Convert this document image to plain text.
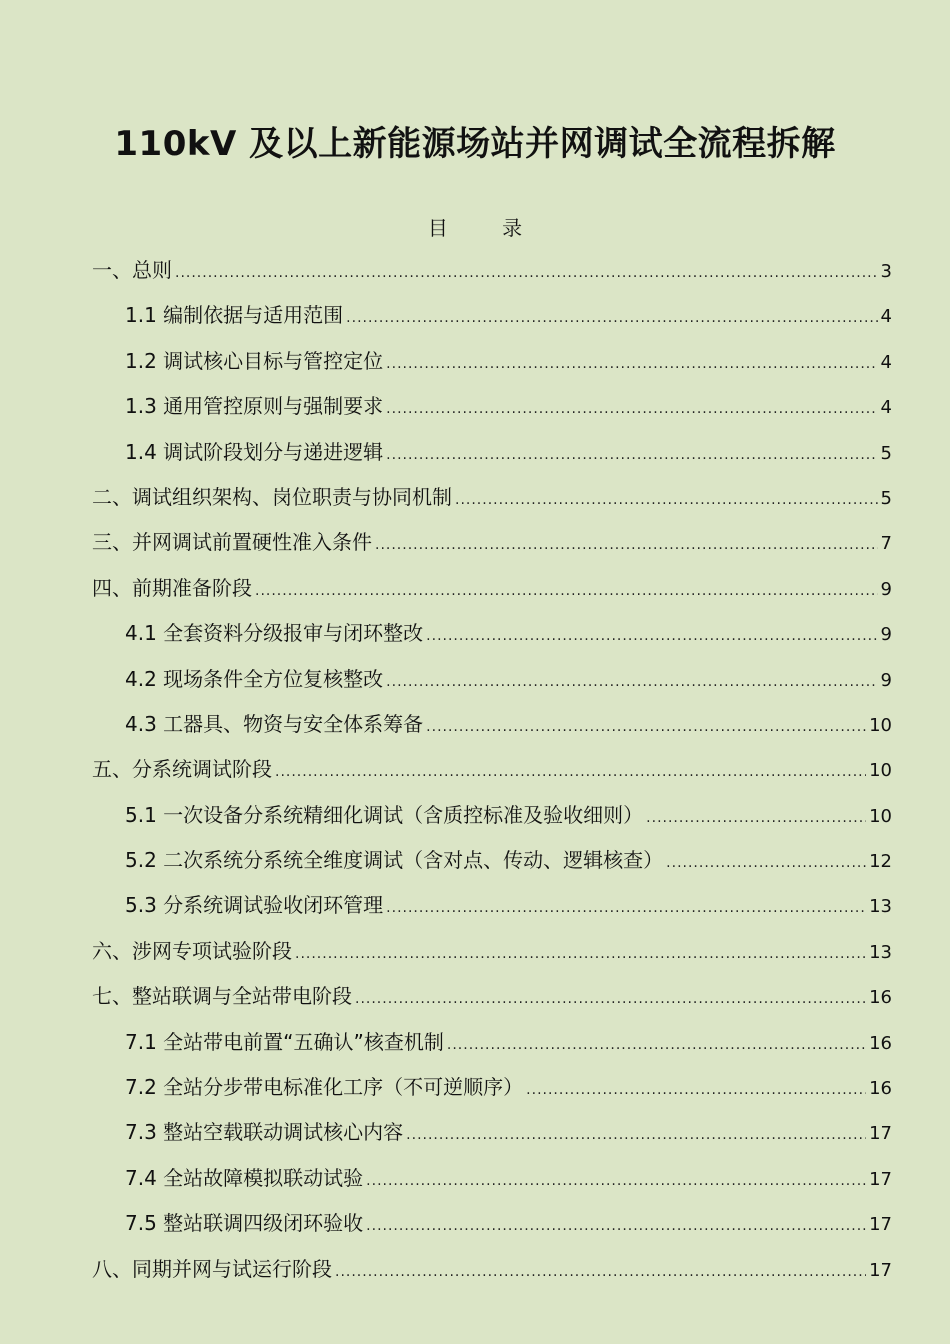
110kV 及以上新能源场站并网调试全流程拆解
目 录
一、总则 .....	3
1.1 编制依据与适用范围 .....	4
1.2 调试核心目标与管控定位 .....	4
1.3 通用管控原则与强制要求 .....	4
1.4 调试阶段划分与递进逻辑 .....	5
二、调试组织架构、岗位职责与协同机制 .....	5
三、并网调试前置硬性准入条件 .....	7
四、前期准备阶段 .....	9
4.1 全套资料分级报审与闭环整改 .....	9
4.2 现场条件全方位复核整改 .....	9
4.3 工器具、物资与安全体系筹备 .....	10
五、分系统调试阶段 .....	10
5.1 一次设备分系统精细化调试（含质控标准及验收细则） .....	10
5.2 二次系统分系统全维度调试（含对点、传动、逻辑核查） .....	12
5.3 分系统调试验收闭环管理 .....	13
六、涉网专项试验阶段 .....	13
七、整站联调与全站带电阶段 .....	16
7.1 全站带电前置“五确认”核查机制 .....	16
7.2 全站分步带电标准化工序（不可逆顺序） .....	16
7.3 整站空载联动调试核心内容 .....	17
7.4 全站故障模拟联动试验 .....	17
7.5 整站联调四级闭环验收 .....	17
八、同期并网与试运行阶段 .....	17
